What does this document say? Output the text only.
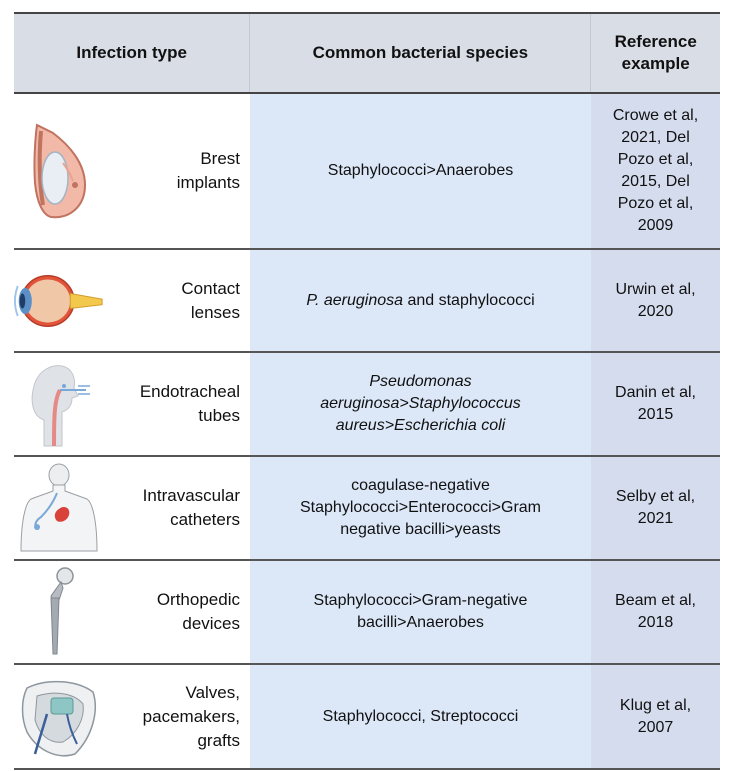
Infection type	Common bacterial species
Reference
example
Brest
implants
Staphylococci>Anaerobes
Crowe et al,
2021, Del
Pozo et al,
2015, Del
Pozo et al,
2009
Contact
lenses
P. aeruginosa and staphylococci
Urwin et al,
2020
Endotracheal
tubes
Pseudomonas
aeruginosa>Staphylococcus
aureus>Escherichia coli
Danin et al,
2015
Intravascular
catheters
coagulase-negative
Staphylococci>Enterococci>Gram
negative bacilli>yeasts
Selby et al,
2021
Orthopedic
devices
Staphylococci>Gram-negative
bacilli>Anaerobes
Beam et al,
2018
Valves,
pacemakers,
grafts
Staphylococci, Streptococci
Klug et al,
2007
